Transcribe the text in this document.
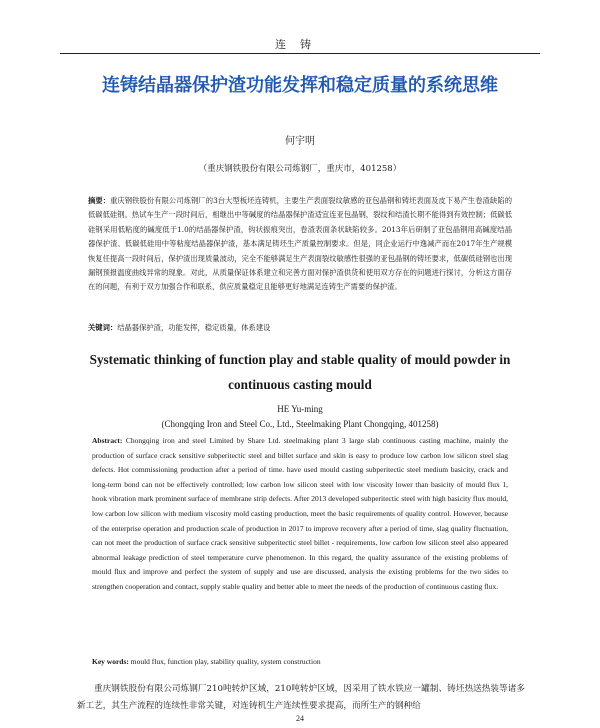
连铸
连铸结晶器保护渣功能发挥和稳定质量的系统思维
何宇明
（重庆钢铁股份有限公司炼钢厂，重庆市，401258）
摘要：重庆钢铁股份有限公司炼钢厂的3台大型板坯连铸机，主要生产表面裂纹敏感的亚包晶钢和铸坯表面及皮下易产生卷渣缺陷的低碳低硅钢。热试车生产一段时间后，相继出中等碱度的结晶器保护渣适宜连亚包晶钢，裂纹和结渣长期不能得到有效控制；低碳低硅钢采用低粘度的碱度低于1.0的结晶器保护渣，钩状振痕突出，卷渣表面条状缺陷较多。2013年后研制了亚包晶钢用高碱度结晶器保护渣、低碳低硅用中等粘度结晶器保护渣，基本满足铸坯生产质量控制要求。但是，同企业运行中逸减产而在2017年生产规模恢复任提高一段时间后，保护渣出现质量波动，完全不能够满足生产表面裂纹敏感性很强的亚包晶钢的铸坯要求，低碳低硅钢也出现漏钢预报温度曲线异常的现象。对此，从质量保证体系建立和完善方面对保护渣供货和使用双方存在的问题进行探讨，分析这方面存在的问题，有利于双方加强合作和联系，供应质量稳定且能够更好地满足连铸生产需要的保护渣。
关键词：结晶器保护渣，功能发挥，稳定质量，体系建设
Systematic thinking of function play and stable quality of mould powder in continuous casting mould
HE Yu-ming
(Chongqing Iron and Steel Co., Ltd., Steelmaking Plant Chongqing, 401258)
Abstract: Chongqing iron and steel Limited by Share Ltd. steelmaking plant 3 large slab continuous casting machine, mainly the production of surface crack sensitive subperitectic steel and billet surface and skin is easy to produce low carbon low silicon steel slag defects. Hot commissioning production after a period of time. have used mould casting subperitectic steel medium basicity, crack and long-term bond can not be effectively controlled; low carbon low silicon steel with low viscosity lower than basicity of mould flux 1, hook vibration mark prominent surface of membrane strip defects. After 2013 developed subperitectic steel with high basicity flux mould, low carbon low silicon with medium viscosity mold casting production, meet the basic requirements of quality control. However, because of the enterprise operation and production scale of production in 2017 to improve recovery after a period of time, slag quality fluctuation, can not meet the production of surface crack sensitive subperitectic steel billet - requirements, low carbon low silicon steel also appeared abnormal leakage prediction of steel temperature curve phenomenon. In this regard, the quality assurance of the existing problems of mould flux and improve and perfect the system of supply and use are discussed, analysis the existing problems for the two sides to strengthen cooperation and contact, supply stable quality and better able to meet the needs of the production of continuous casting flux.
Key words: mould flux, function play, stability quality, system construction
重庆钢铁股份有限公司炼钢厂210吨转炉区域，210吨转炉区域，因采用了铁水铁应一罐制、铸坯热送热装等诸多新工艺，其生产流程的连续性非常关键，对连铸机生产连续性要求提高，而所生产的钢种给
24
